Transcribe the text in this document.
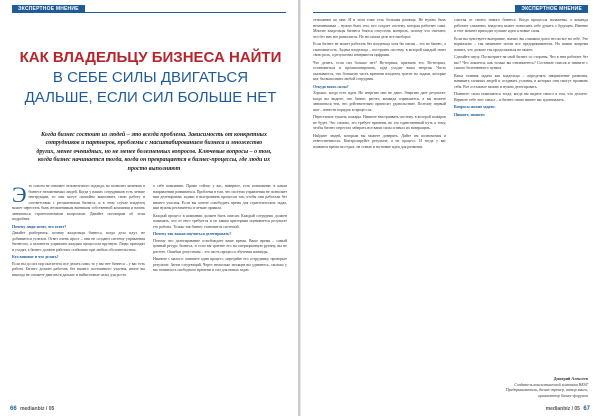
ЭКСПЕРТНОЕ МНЕНИЕ
КАК ВЛАДЕЛЬЦУ БИЗНЕСА НАЙТИ
В СЕБЕ СИЛЫ ДВИГАТЬСЯ
ДАЛЬШЕ, ЕСЛИ СИЛ БОЛЬШЕ НЕТ
Когда бизнес состоит из людей – это всегда проблема. Зависимость от конкретных сотрудников и партнеров, проблемы с масштабированием бизнеса и множество других, менее очевидных, но не менее болезненных вопросов. Ключевые вопросы – о том, когда бизнес начинается тогда, когда он превращается в бизнес-процессы, где люди их просто выполняют
Э то совсем не означает человеческого подхода, но позволит заменить в бизнесе незаменимых людей. Когда у ваших сотрудников есть четкие инструкции, то они могут спокойно выполнять свою работу в соответствии с регламентами бизнеса, и в этом случае владелец может перестать быть незаменимым винтиком собственной компании и начать заниматься стратегическими вопросами. Давайте поговорим об этом подробнее.

Почему люди хотят, что хотят?

Давайте разберемся, почему владельцы бизнеса, когда дела идут, не добиваются успехов. Ответ очень прост – они не создают систему управления бизнесом, а пытаются управлять каждым процессом вручную. Люди приходят и уходят, а бизнес должен работать стабильно при любых обстоятельствах.

Кто виноват и что делать?

Если вы до сих пор пытаетесь все делать сами, то у вас нет бизнеса – у вас есть работа. Бизнес должен работать без вашего постоянного участия, иначе вы никогда не сможете двигаться дальше и найти новые силы для роста.

о себе компанию. Прямо сейчас у вас, наверное, есть понимание, в каком направлении развиваться. Проблема в том, что система управления не позволяет вам делегировать задачи и выстраивать процессы так, чтобы они работали без вашего участия. Если вы хотите освободить время для стратегических задач, вам нужны регламенты и четкие правила.

Каждый процесс в компании должен быть описан. Каждый сотрудник должен понимать, что от него требуется и по каким критериям оценивается результат его работы. Только так бизнес становится системой.

Почему так важно научиться делегировать?

Потому что делегирование освобождает ваше время. Ваше время – самый ценный ресурс бизнеса, и если вы тратите его на операционную рутину, вы не растете. Ошибки допустимы – это часть процесса обучения команды.

Начните с малого: опишите один процесс, передайте его сотруднику, проверьте результат. Затем следующий. Через несколько месяцев вы удивитесь, сколько у вас появилось свободного времени и сил для новых задач.

66 medianbiz / 05
ЭКСПЕРТНОЕ МНЕНИЕ

отношение ко мне. И в этом тоже есть большая разница. Не нужно быть незаменимым – нужно быть тем, кто создает систему, которая работает сама. Многие владельцы бизнеса боятся отпустить контроль, потому что считают, что без них все развалится. Но на самом деле все наоборот.

Если бизнес не может работать без владельца хотя бы месяц – это не бизнес, а самозанятость. Задача владельца – построить систему, в которой каждый знает свою роль, а результаты измеряются цифрами.

Что делать, если сил больше нет? Во-первых, признать это. Во-вторых, остановиться и проанализировать, куда уходит ваша энергия. Часто оказывается, что большую часть времени владелец тратит на задачи, которые мог бы выполнять любой сотрудник.

Откуда взять силы?

Хорошо, когда есть идеи. Но энергию они не дают. Энергию дает результат: когда вы видите, что бизнес растет, команда справляется, а вы можете заниматься тем, что действительно приносит удовольствие. Поэтому первый шаг – навести порядок в процессах.

Перестаньте тушить пожары. Начните выстраивать систему, в которой пожаров не будет. Это сложно, это требует времени, но это единственный путь к тому, чтобы бизнес перестал забирать все ваши силы и начал их возвращать.

Найдите людей, которым вы можете доверять. Дайте им полномочия и ответственность. Контролируйте результат, а не процесс. И тогда у вас появится время на отдых, на семью и на новые идеи для развития.

счастья от своего нового бизнеса. Когда процессы налажены, а команда работает слаженно, владелец может позволить себе думать о будущем. Именно в этот момент приходят лучшие идеи и новые силы.

Если вы чувствуете выгорание, значит, вы слишком долго несли все на себе. Это нормально – так начинают почти все предприниматели. Но важно вовремя понять, что дальше так продолжаться не может.

Сделайте паузу. Посмотрите на свой бизнес со стороны. Что в нем работает без вас? Что ломается, как только вы отвлекаетесь? Составьте список и начните с самого болезненного пункта.

Ваша главная задача как владельца – определять направление развития, нанимать сильных людей и создавать условия, в которых они смогут проявить себя. Все остальное можно и нужно делегировать.

Помните: силы появляются тогда, когда вы видите смысл в том, что делаете. Верните себе этот смысл – и бизнес снова начнет вас вдохновлять.

Вопросы можно задать:

Пишите, звоните:

Дмитрий Алексеев
Создатель консалтинговой компании BEST
Предприниматель, бизнес-тренер, автор книги,
организатор бизнес-форумов
medianbiz / 05 67
